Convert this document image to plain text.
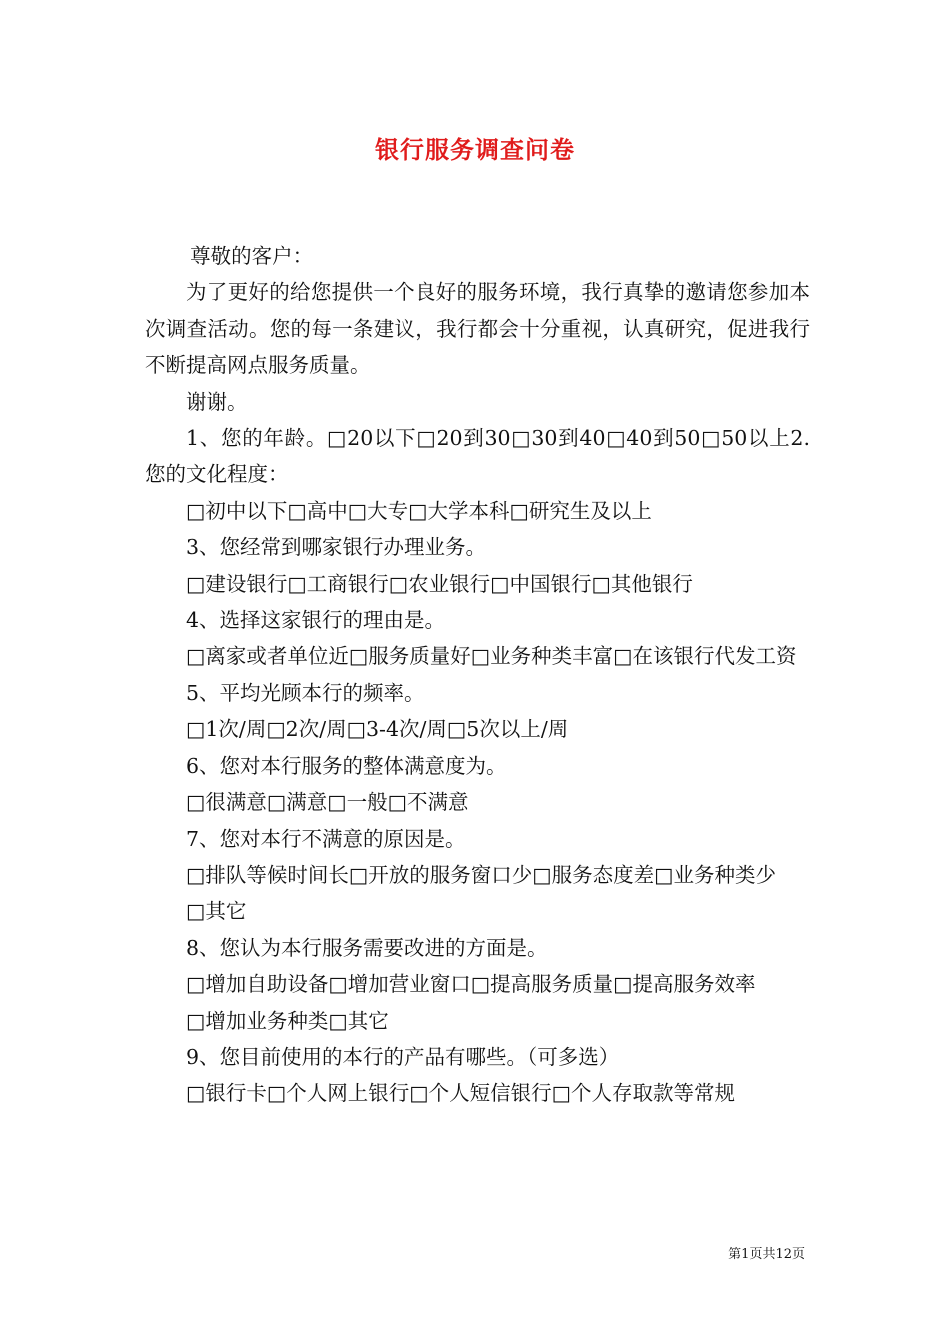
银行服务调查问卷

尊敬的客户：

为了更好的给您提供一个良好的服务环境，我行真挚的邀请您参加本次调查活动。您的每一条建议，我行都会十分重视，认真研究，促进我行不断提高网点服务质量。

谢谢。

1、您的年龄。□20以下□20到30□30到40□40到50□50以上2.您的文化程度：

□初中以下□高中□大专□大学本科□研究生及以上

3、您经常到哪家银行办理业务。

□建设银行□工商银行□农业银行□中国银行□其他银行

4、选择这家银行的理由是。

□离家或者单位近□服务质量好□业务种类丰富□在该银行代发工资

5、平均光顾本行的频率。

□1次/周□2次/周□3-4次/周□5次以上/周

6、您对本行服务的整体满意度为。

□很满意□满意□一般□不满意

7、您对本行不满意的原因是。

□排队等候时间长□开放的服务窗口少□服务态度差□业务种类少

□其它

8、您认为本行服务需要改进的方面是。

□增加自助设备□增加营业窗口□提高服务质量□提高服务效率

□增加业务种类□其它

9、您目前使用的本行的产品有哪些。（可多选）

□银行卡□个人网上银行□个人短信银行□个人存取款等常规

第1页共12页
